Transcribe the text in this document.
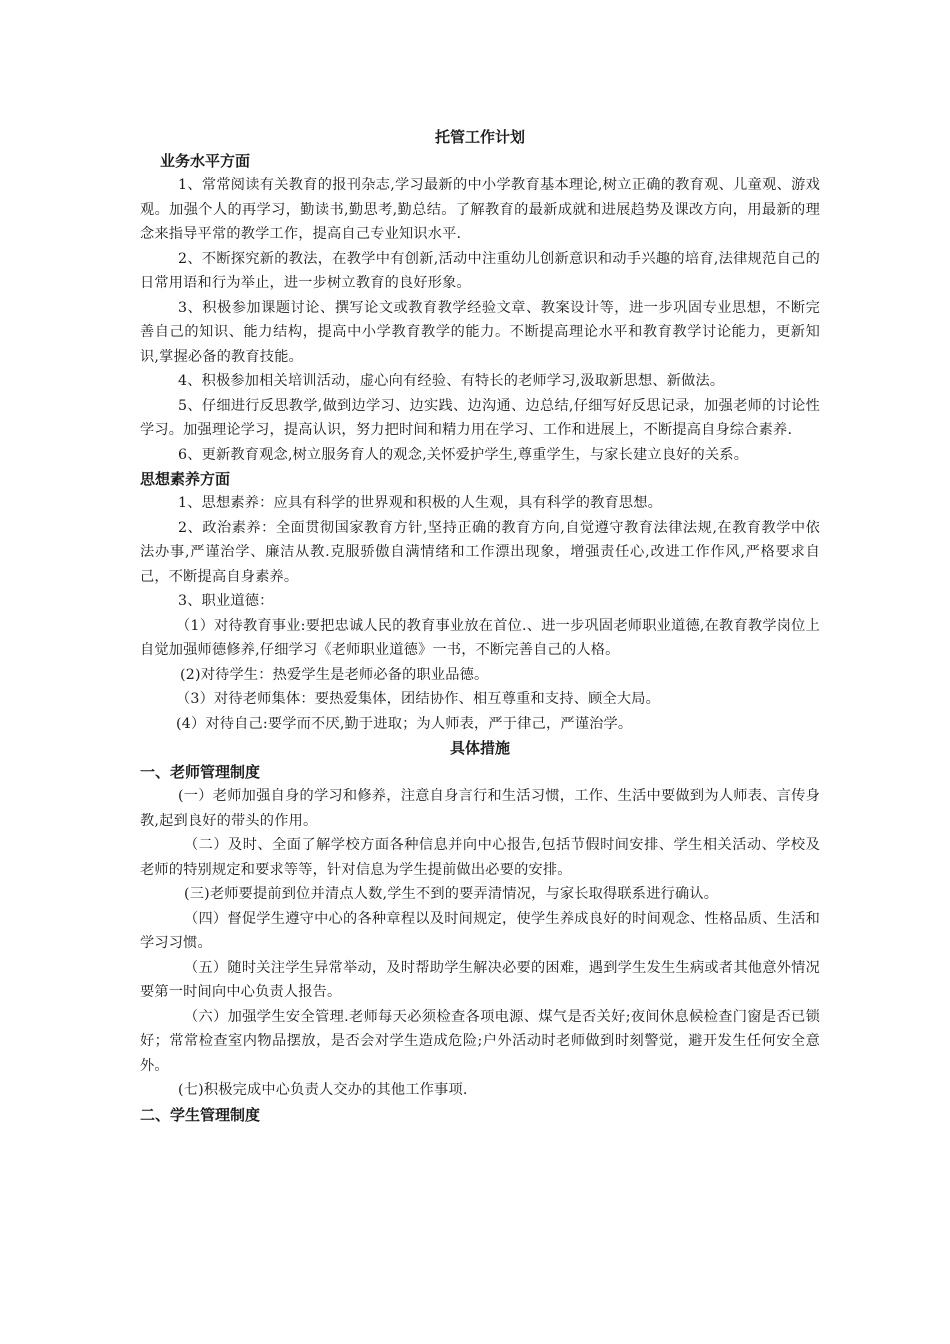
托管工作计划
业务水平方面
1、常常阅读有关教育的报刊杂志,学习最新的中小学教育基本理论,树立正确的教育观、儿童观、游戏观。加强个人的再学习，勤读书,勤思考,勤总结。了解教育的最新成就和进展趋势及课改方向，用最新的理念来指导平常的教学工作，提高自己专业知识水平.
2、不断探究新的教法，在教学中有创新,活动中注重幼儿创新意识和动手兴趣的培育,法律规范自己的日常用语和行为举止，进一步树立教育的良好形象。
3、积极参加课题讨论、撰写论文或教育教学经验文章、教案设计等，进一步巩固专业思想，不断完善自己的知识、能力结构，提高中小学教育教学的能力。不断提高理论水平和教育教学讨论能力，更新知识,掌握必备的教育技能。
4、积极参加相关培训活动，虚心向有经验、有特长的老师学习,汲取新思想、新做法。
5、仔细进行反思教学,做到边学习、边实践、边沟通、边总结,仔细写好反思记录，加强老师的讨论性学习。加强理论学习，提高认识，努力把时间和精力用在学习、工作和进展上，不断提高自身综合素养.
6、更新教育观念,树立服务育人的观念,关怀爱护学生,尊重学生，与家长建立良好的关系。
思想素养方面
1、思想素养：应具有科学的世界观和积极的人生观，具有科学的教育思想。
2、政治素养：全面贯彻国家教育方针,坚持正确的教育方向,自觉遵守教育法律法规,在教育教学中依法办事,严谨治学、廉洁从教.克服骄傲自满情绪和工作漂出现象，增强责任心,改进工作作风,严格要求自己，不断提高自身素养。
3、职业道德：
（1）对待教育事业:要把忠诚人民的教育事业放在首位.、进一步巩固老师职业道德,在教育教学岗位上自觉加强师德修养,仔细学习《老师职业道德》一书，不断完善自己的人格。
(2)对待学生：热爱学生是老师必备的职业品德。
（3）对待老师集体：要热爱集体，团结协作、相互尊重和支持、顾全大局。
(4）对待自己:要学而不厌,勤于进取；为人师表，严于律己，严谨治学。
具体措施
一、老师管理制度
(一）老师加强自身的学习和修养，注意自身言行和生活习惯，工作、生活中要做到为人师表、言传身教,起到良好的带头的作用。
（二）及时、全面了解学校方面各种信息并向中心报告,包括节假时间安排、学生相关活动、学校及老师的特别规定和要求等等，针对信息为学生提前做出必要的安排。
(三)老师要提前到位并清点人数,学生不到的要弄清情况，与家长取得联系进行确认。
（四）督促学生遵守中心的各种章程以及时间规定，使学生养成良好的时间观念、性格品质、生活和学习习惯。
（五）随时关注学生异常举动，及时帮助学生解决必要的困难，遇到学生发生生病或者其他意外情况要第一时间向中心负责人报告。
（六）加强学生安全管理.老师每天必须检查各项电源、煤气是否关好;夜间休息候检查门窗是否已锁好；常常检查室内物品摆放，是否会对学生造成危险;户外活动时老师做到时刻警觉，避开发生任何安全意外。
(七)积极完成中心负责人交办的其他工作事项.
二、学生管理制度
